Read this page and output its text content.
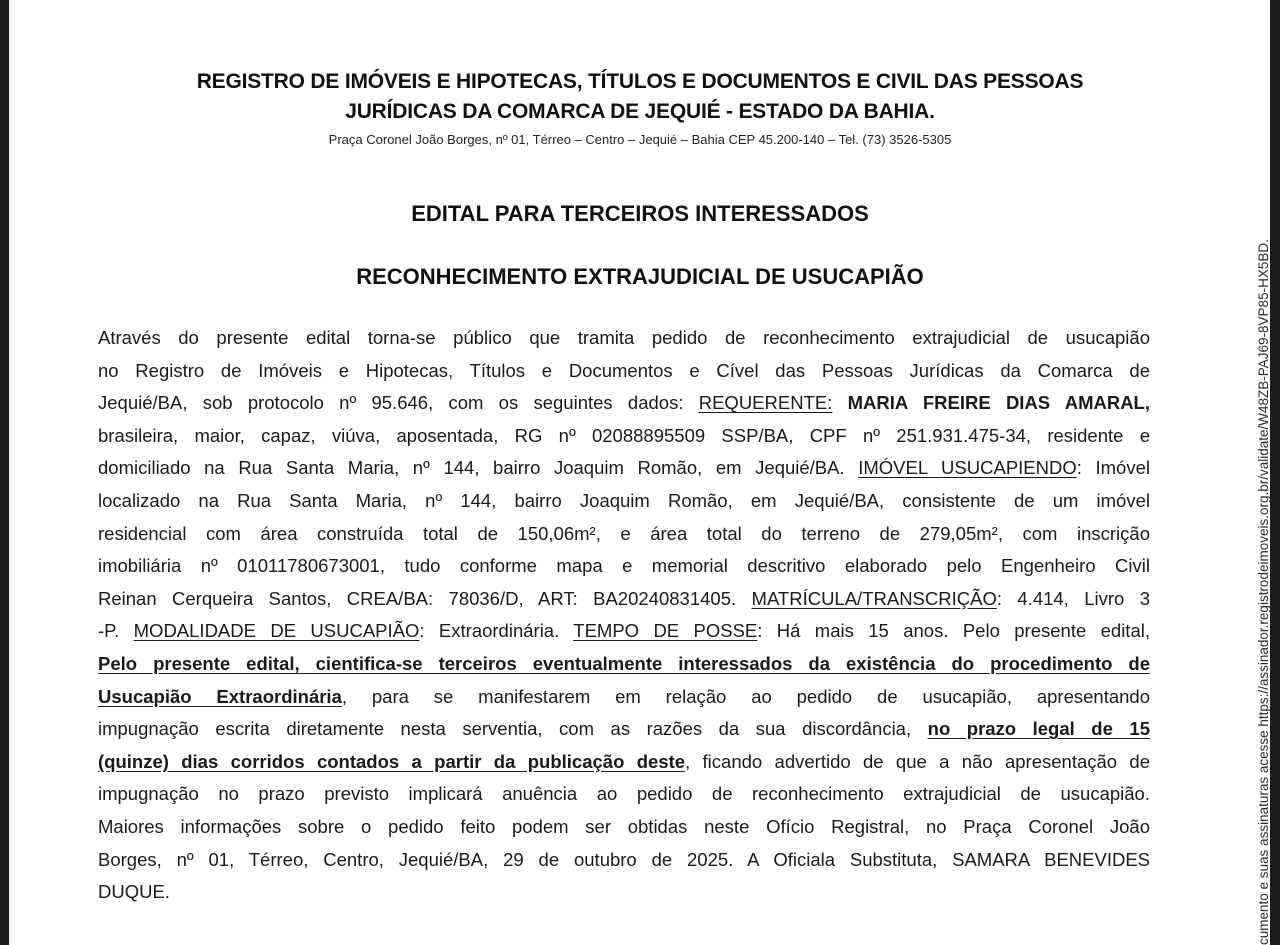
REGISTRO DE IMÓVEIS E HIPOTECAS, TÍTULOS E DOCUMENTOS E CIVIL DAS PESSOAS
JURÍDICAS DA COMARCA DE JEQUIÉ - ESTADO DA BAHIA.
Praça Coronel João Borges, nº 01, Térreo – Centro – Jequié – Bahia CEP 45.200-140 – Tel. (73) 3526-5305
EDITAL PARA TERCEIROS INTERESSADOS
RECONHECIMENTO EXTRAJUDICIAL DE USUCAPIÃO
Através do presente edital torna-se público que tramita pedido de reconhecimento extrajudicial de usucapião
no Registro de Imóveis e Hipotecas, Títulos e Documentos e Cível das Pessoas Jurídicas da Comarca de
Jequié/BA, sob protocolo nº 95.646, com os seguintes dados: REQUERENTE: MARIA FREIRE DIAS AMARAL,
brasileira, maior, capaz, viúva, aposentada, RG nº 02088895509 SSP/BA, CPF nº 251.931.475-34, residente e
domiciliado na Rua Santa Maria, nº 144, bairro Joaquim Romão, em Jequié/BA. IMÓVEL USUCAPIENDO: Imóvel
localizado na Rua Santa Maria, nº 144, bairro Joaquim Romão, em Jequié/BA, consistente de um imóvel
residencial com área construída total de 150,06m², e área total do terreno de 279,05m², com inscrição
imobiliária nº 01011780673001, tudo conforme mapa e memorial descritivo elaborado pelo Engenheiro Civil
Reinan Cerqueira Santos, CREA/BA: 78036/D, ART: BA20240831405. MATRÍCULA/TRANSCRIÇÃO: 4.414, Livro 3
-P. MODALIDADE DE USUCAPIÃO: Extraordinária. TEMPO DE POSSE: Há mais 15 anos. Pelo presente edital,
Pelo presente edital, cientifica-se terceiros eventualmente interessados da existência do procedimento de
Usucapião Extraordinária, para se manifestarem em relação ao pedido de usucapião, apresentando
impugnação escrita diretamente nesta serventia, com as razões da sua discordância, no prazo legal de 15
(quinze) dias corridos contados a partir da publicação deste, ficando advertido de que a não apresentação de
impugnação no prazo previsto implicará anuência ao pedido de reconhecimento extrajudicial de usucapião.
Maiores informações sobre o pedido feito podem ser obtidas neste Ofício Registral, no Praça Coronel João
Borges, nº 01, Térreo, Centro, Jequié/BA, 29 de outubro de 2025. A Oficiala Substituta, SAMARA BENEVIDES
DUQUE.	cumento e suas assinaturas acesse https://assinador.registrodeimoveis.org.br/validate/W48ZB-PAJ69-8VP85-HX5BD.
